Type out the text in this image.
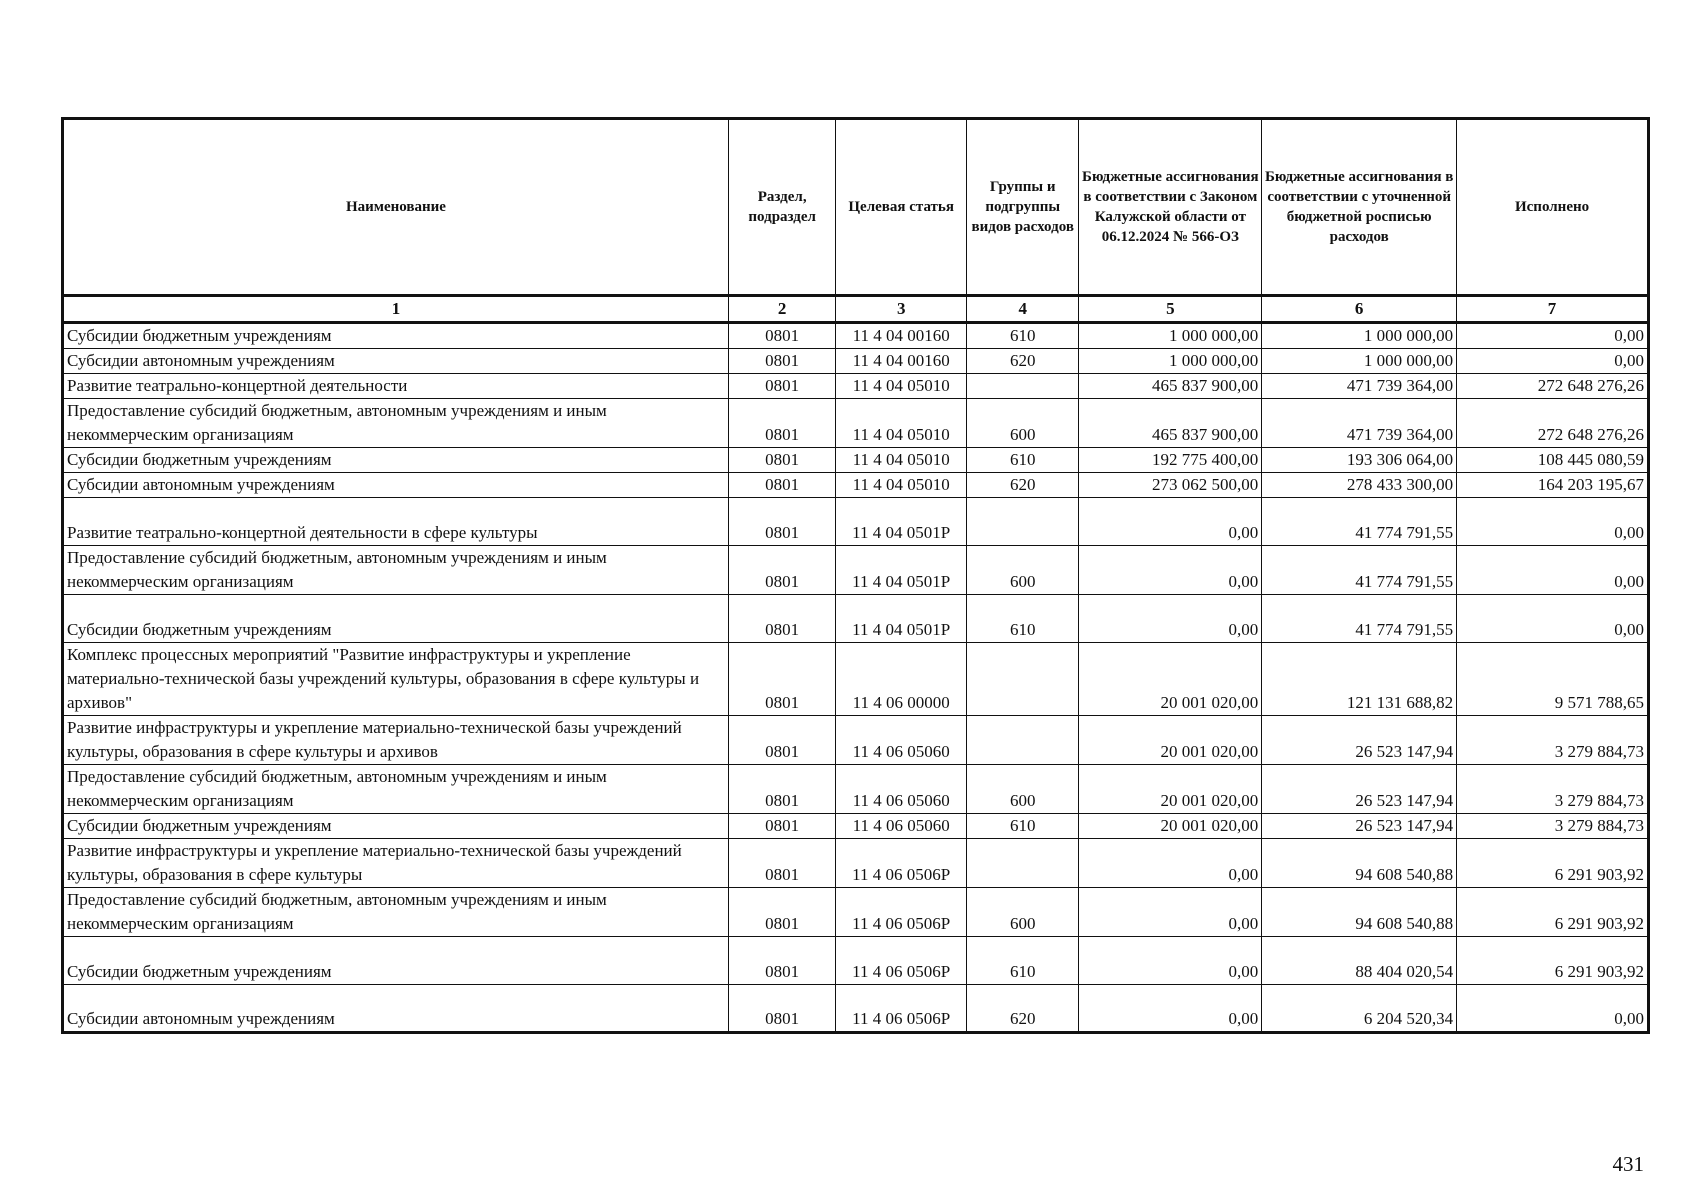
Наименование	Раздел, подраздел	Целевая статья	Группы и подгруппы видов расходов	Бюджетные ассигнования в соответствии с Законом Калужской области от 06.12.2024 № 566-ОЗ	Бюджетные ассигнования в соответствии с уточненной бюджетной росписью расходов	Исполнено
1	2	3	4	5	6	7
Субсидии бюджетным учреждениям	0801	11 4 04 00160	610	1 000 000,00	1 000 000,00	0,00
Субсидии автономным учреждениям	0801	11 4 04 00160	620	1 000 000,00	1 000 000,00	0,00
Развитие театрально-концертной деятельности	0801	11 4 04 05010		465 837 900,00	471 739 364,00	272 648 276,26
Предоставление субсидий бюджетным, автономным учреждениям и иным некоммерческим организациям	0801	11 4 04 05010	600	465 837 900,00	471 739 364,00	272 648 276,26
Субсидии бюджетным учреждениям	0801	11 4 04 05010	610	192 775 400,00	193 306 064,00	108 445 080,59
Субсидии автономным учреждениям	0801	11 4 04 05010	620	273 062 500,00	278 433 300,00	164 203 195,67
Развитие театрально-концертной деятельности в сфере культуры	0801	11 4 04 0501Р		0,00	41 774 791,55	0,00
Предоставление субсидий бюджетным, автономным учреждениям и иным некоммерческим организациям	0801	11 4 04 0501Р	600	0,00	41 774 791,55	0,00
Субсидии бюджетным учреждениям	0801	11 4 04 0501Р	610	0,00	41 774 791,55	0,00
Комплекс процессных мероприятий "Развитие инфраструктуры и укрепление материально-технической базы учреждений культуры, образования в сфере культуры и архивов"	0801	11 4 06 00000		20 001 020,00	121 131 688,82	9 571 788,65
Развитие инфраструктуры и укрепление материально-технической базы учреждений культуры, образования в сфере культуры и архивов	0801	11 4 06 05060		20 001 020,00	26 523 147,94	3 279 884,73
Предоставление субсидий бюджетным, автономным учреждениям и иным некоммерческим организациям	0801	11 4 06 05060	600	20 001 020,00	26 523 147,94	3 279 884,73
Субсидии бюджетным учреждениям	0801	11 4 06 05060	610	20 001 020,00	26 523 147,94	3 279 884,73
Развитие инфраструктуры и укрепление материально-технической базы учреждений культуры, образования в сфере культуры	0801	11 4 06 0506Р		0,00	94 608 540,88	6 291 903,92
Предоставление субсидий бюджетным, автономным учреждениям и иным некоммерческим организациям	0801	11 4 06 0506Р	600	0,00	94 608 540,88	6 291 903,92
Субсидии бюджетным учреждениям	0801	11 4 06 0506Р	610	0,00	88 404 020,54	6 291 903,92
Субсидии автономным учреждениям	0801	11 4 06 0506Р	620	0,00	6 204 520,34	0,00
431
